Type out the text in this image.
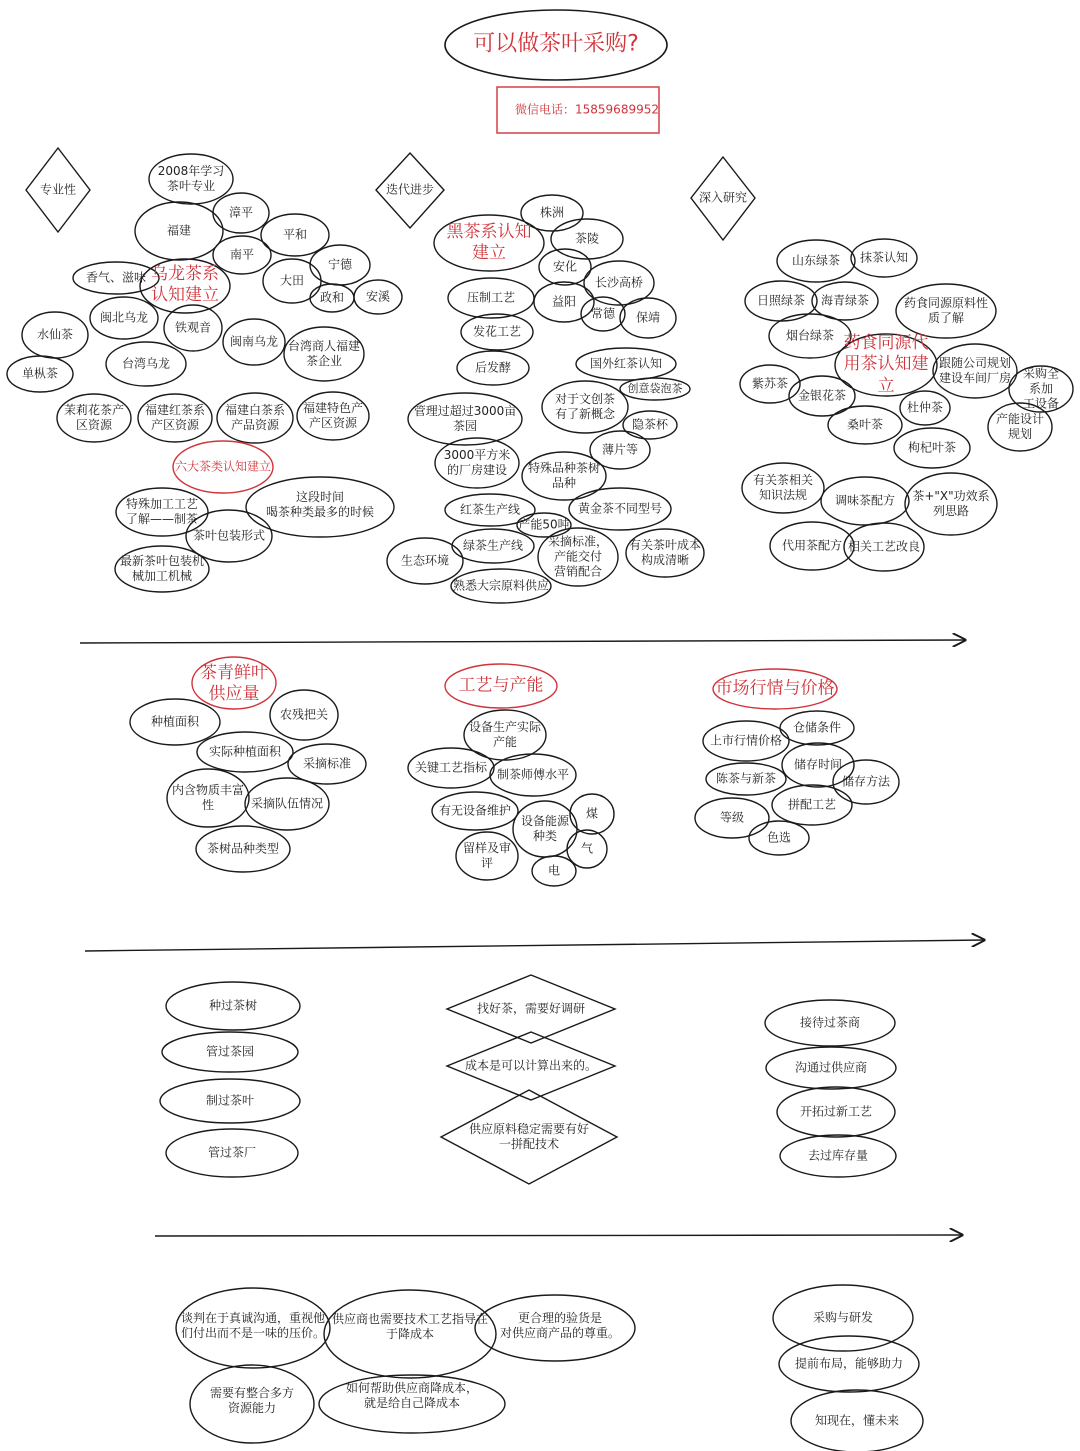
可以做茶叶采购?
微信电话：15859689952
专业性	迭代进步
深入研究
2008年学习
茶叶专业
漳平
福建	平和
南平
宁德
大田
政和 安溪
香气、滋味 乌龙茶系
认知建立
闽北乌龙
铁观音
水仙茶	闽南乌龙 台湾商人福建
茶企业
台湾乌龙
单枞茶
茉莉花茶产
区资源
福建红茶系
产区资源
福建白茶系
产品资源
福建特色产
产区资源
六大茶类认知建立
特殊加工工艺
了解——制茶
这段时间
喝茶种类最多的时候
茶叶包装形式
最新茶叶包装机
械加工机械
株洲
黑茶系认知
建立
茶陵
安化
压制工艺
长沙高桥
益阳
常德 保靖
发花工艺
后发酵	国外红茶认知
创意袋泡茶
对于文创茶
有了新概念
管理过超过3000亩
茶园	隐茶杯
薄片等
3000平方米
的厂房建设 特殊品种茶树
品种
红茶生产线	黄金茶不同型号
产能50吨
绿茶生产线 采摘标准，
产能交付
营销配合
有关茶叶成本
构成清晰
生态环境
熟悉大宗原料供应
山东绿茶 抹茶认知
日照绿茶 海青绿茶	药食同源原料性
质了解
烟台绿茶 药食同源代
用茶认知建
立
跟随公司规划
建设车间厂房 采购全系加
工设备
紫苏茶
金银花茶
杜仲茶
产能设计
规划
桑叶茶
枸杞叶茶
有关茶相关
知识法规	调味茶配方 茶+"X"功效系
列思路
代用茶配方 相关工艺改良
茶青鲜叶
供应量
种植面积	农残把关
实际种植面积
采摘标准
内含物质丰富
性	采摘队伍情况
茶树品种类型
工艺与产能
设备生产实际
产能
关键工艺指标 制茶师傅水平
有无设备维护
设备能源
种类
煤
留样及审
评
气
电
市场行情与价格
仓储条件
上市行情价格
储存时间
陈茶与新茶	储存方法
拼配工艺
等级
色选
种过茶树
管过茶园
制过茶叶
管过茶厂
找好茶，需要好调研
成本是可以计算出来的。
供应原料稳定需要有好
一拼配技术
接待过茶商
沟通过供应商
开拓过新工艺
去过库存量
谈判在于真诚沟通，重视他
们付出而不是一味的压价。
供应商也需要技术工艺指导在
于降成本
更合理的验货是
对供应商产品的尊重。
需要有整合多方
资源能力
如何帮助供应商降成本，
就是给自己降成本
采购与研发
提前布局，能够助力
知现在，懂未来
